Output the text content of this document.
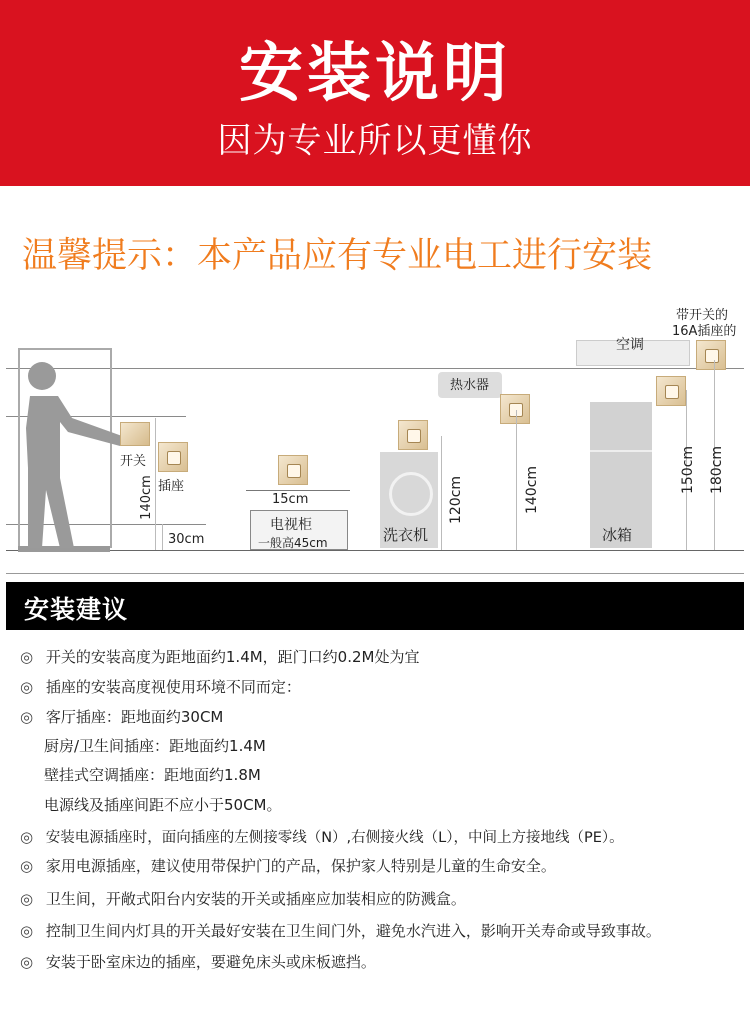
安装说明
因为专业所以更懂你
温馨提示：本产品应有专业电工进行安装
开关
插座
140cm
30cm
15cm
电视柜
一般高45cm	洗衣机
120cm
热水器
140cm
冰箱
150cm
空调
带开关的
16A插座的
180cm
安装建议
◎ 开关的安装高度为距地面约1.4M，距门口约0.2M处为宜
◎ 插座的安装高度视使用环境不同而定：
◎ 客厅插座：距地面约30CM
厨房/卫生间插座：距地面约1.4M
壁挂式空调插座：距地面约1.8M
电源线及插座间距不应小于50CM。
◎ 安装电源插座时，面向插座的左侧接零线（N）,右侧接火线（L），中间上方接地线（PE）。
◎ 家用电源插座，建议使用带保护门的产品，保护家人特别是儿童的生命安全。
◎ 卫生间，开敞式阳台内安装的开关或插座应加装相应的防溅盒。
◎ 控制卫生间内灯具的开关最好安装在卫生间门外，避免水汽进入，影响开关寿命或导致事故。
◎ 安装于卧室床边的插座，要避免床头或床板遮挡。
